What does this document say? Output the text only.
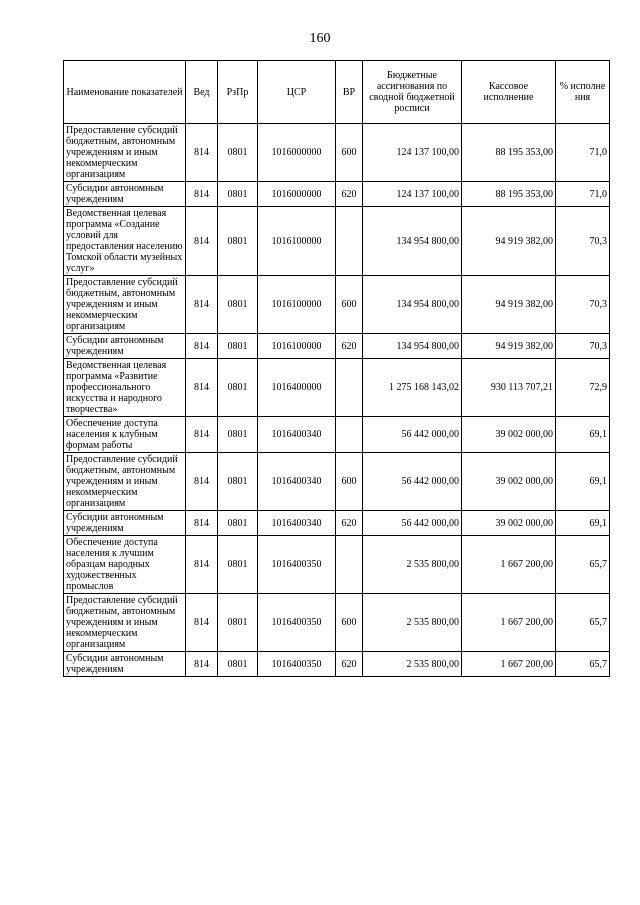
160
Наименование показателей	Вед	РзПр	ЦСР	ВР	Бюджетные ассигнования по сводной бюджетной росписи	Кассовое исполнение	% исполне ния
Предоставление субсидий бюджетным, автономным учреждениям и иным некоммерческим организациям	814	0801	1016000000	600	124 137 100,00	88 195 353,00	71,0
Субсидии автономным учреждениям	814	0801	1016000000	620	124 137 100,00	88 195 353,00	71,0
Ведомственная целевая программа «Создание условий для предоставления населению Томской области музейных услуг»	814	0801	1016100000		134 954 800,00	94 919 382,00	70,3
Предоставление субсидий бюджетным, автономным учреждениям и иным некоммерческим организациям	814	0801	1016100000	600	134 954 800,00	94 919 382,00	70,3
Субсидии автономным учреждениям	814	0801	1016100000	620	134 954 800,00	94 919 382,00	70,3
Ведомственная целевая программа «Развитие профессионального искусства и народного творчества»	814	0801	1016400000		1 275 168 143,02	930 113 707,21	72,9
Обеспечение доступа населения к клубным формам работы	814	0801	1016400340		56 442 000,00	39 002 000,00	69,1
Предоставление субсидий бюджетным, автономным учреждениям и иным некоммерческим организациям	814	0801	1016400340	600	56 442 000,00	39 002 000,00	69,1
Субсидии автономным учреждениям	814	0801	1016400340	620	56 442 000,00	39 002 000,00	69,1
Обеспечение доступа населения к лучшим образцам народных художественных промыслов	814	0801	1016400350		2 535 800,00	1 667 200,00	65,7
Предоставление субсидий бюджетным, автономным учреждениям и иным некоммерческим организациям	814	0801	1016400350	600	2 535 800,00	1 667 200,00	65,7
Субсидии автономным учреждениям	814	0801	1016400350	620	2 535 800,00	1 667 200,00	65,7
